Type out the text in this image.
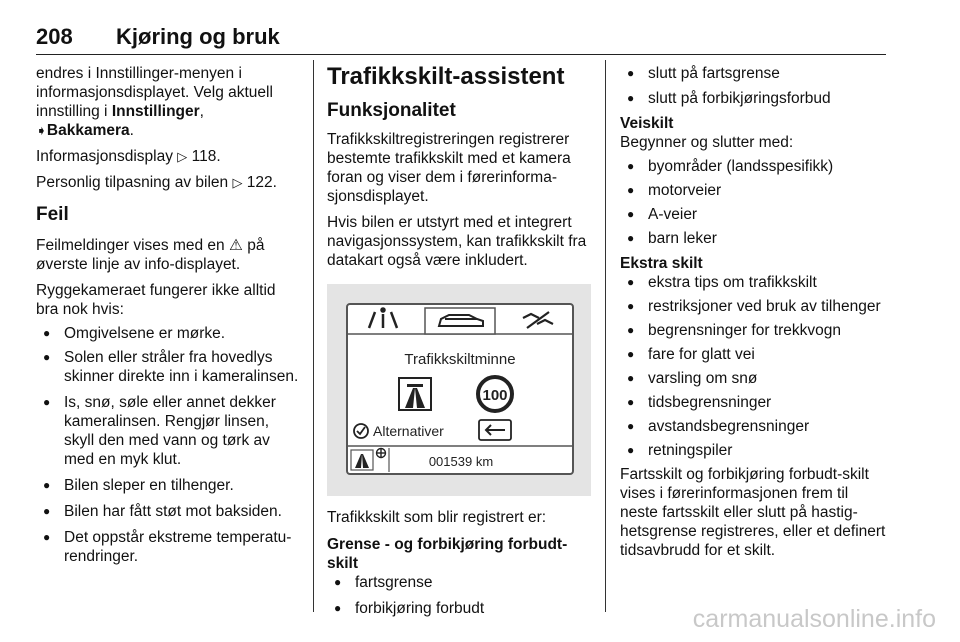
208 Kjøring og bruk

endres i Innstillinger-menyen i informasjonsdisplayet. Velg aktuell innstilling i Innstillinger, ➧Bakkamera.

Informasjonsdisplay ▷ 118.

Personlig tilpasning av bilen ▷ 122.

Feil

Feilmeldinger vises med en ⚠ på øverste linje av info-displayet.

Ryggekameraet fungerer ikke alltid bra nok hvis:

● Omgivelsene er mørke.
● Solen eller stråler fra hovedlys skinner direkte inn i kameralinsen.
● Is, snø, søle eller annet dekker kameralinsen. Rengjør linsen, skyll den med vann og tørk av med en myk klut.
● Bilen sleper en tilhenger.
● Bilen har fått støt mot baksiden.
● Det oppstår ekstreme temperaturendringer.
Trafikkskilt-assistent
Funksjonalitet

Trafikkskiltregistreringen registrerer bestemte trafikkskilt med et kamera foran og viser dem i førerinformasjonsdisplayet.

Hvis bilen er utstyrt med et integrert navigasjonssystem, kan trafikkskilt fra datakart også være inkludert.

Trafikkskiltminne
100
Alternativer
001539 km

Trafikkskilt som blir registrert er:

Grense - og forbikjøring forbudt-skilt
● fartsgrense
● forbikjøring forbudt
● slutt på fartsgrense
● slutt på forbikjøringsforbud
Veiskilt

Begynner og slutter med:

● byområder (landsspesifikk)
● motorveier
● A-veier
● barn leker
Ekstra skilt
● ekstra tips om trafikkskilt
● restriksjoner ved bruk av tilhenger
● begrensninger for trekkvogn
● fare for glatt vei
● varsling om snø
● tidsbegrensninger
● avstandsbegrensninger
● retningspiler

Fartsskilt og forbikjøring forbudt-skilt vises i førerinformasjonen frem til neste fartsskilt eller slutt på hastighetsgrense registreres, eller et definert tidsavbrudd for et skilt.

carmanualsonline.info
